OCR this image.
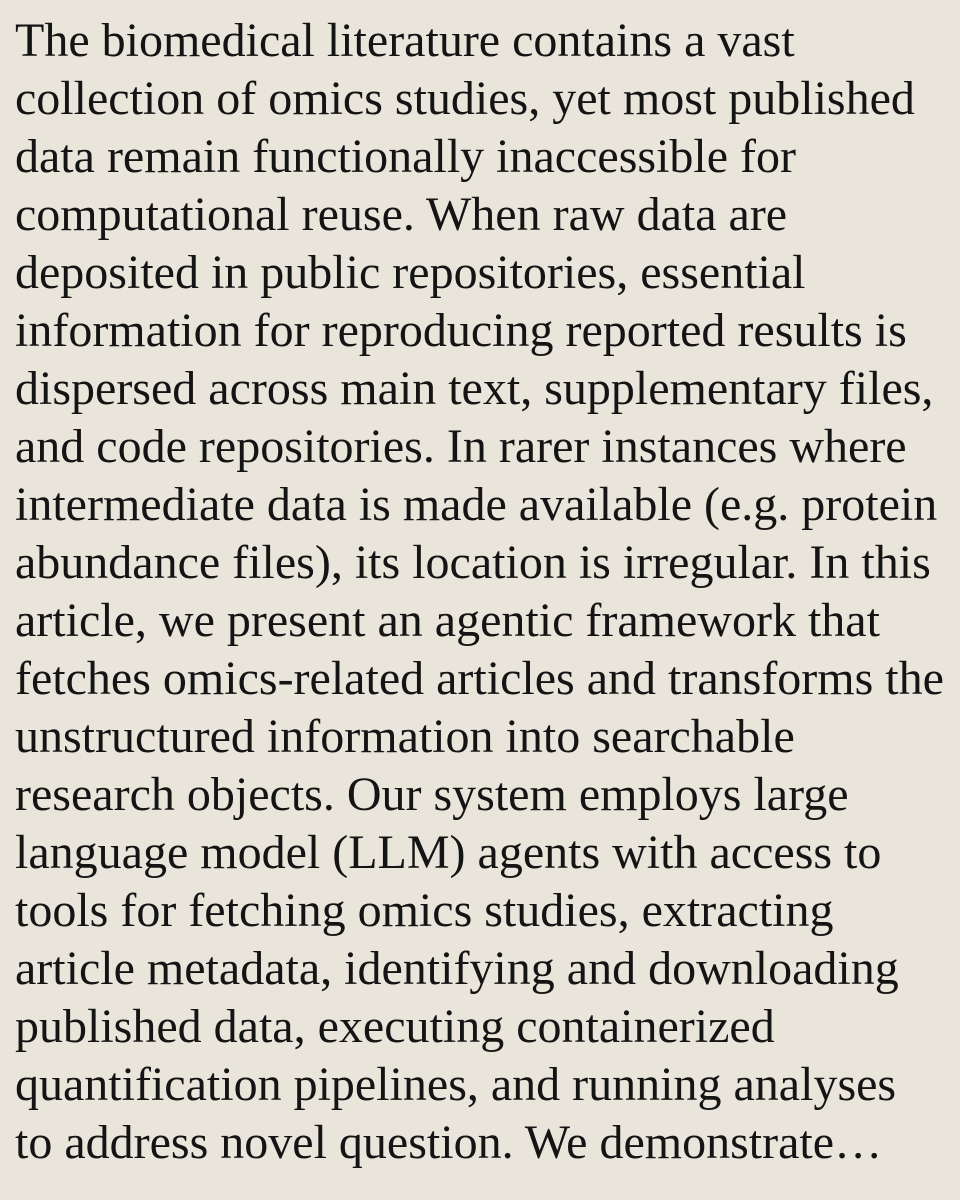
The biomedical literature contains a vast
collection of omics studies, yet most published
data remain functionally inaccessible for
computational reuse. When raw data are
deposited in public repositories, essential
information for reproducing reported results is
dispersed across main text, supplementary files,
and code repositories. In rarer instances where
intermediate data is made available (e.g. protein
abundance files), its location is irregular. In this
article, we present an agentic framework that
fetches omics-related articles and transforms the
unstructured information into searchable
research objects. Our system employs large
language model (LLM) agents with access to
tools for fetching omics studies, extracting
article metadata, identifying and downloading
published data, executing containerized
quantification pipelines, and running analyses
to address novel question. We demonstrate…
